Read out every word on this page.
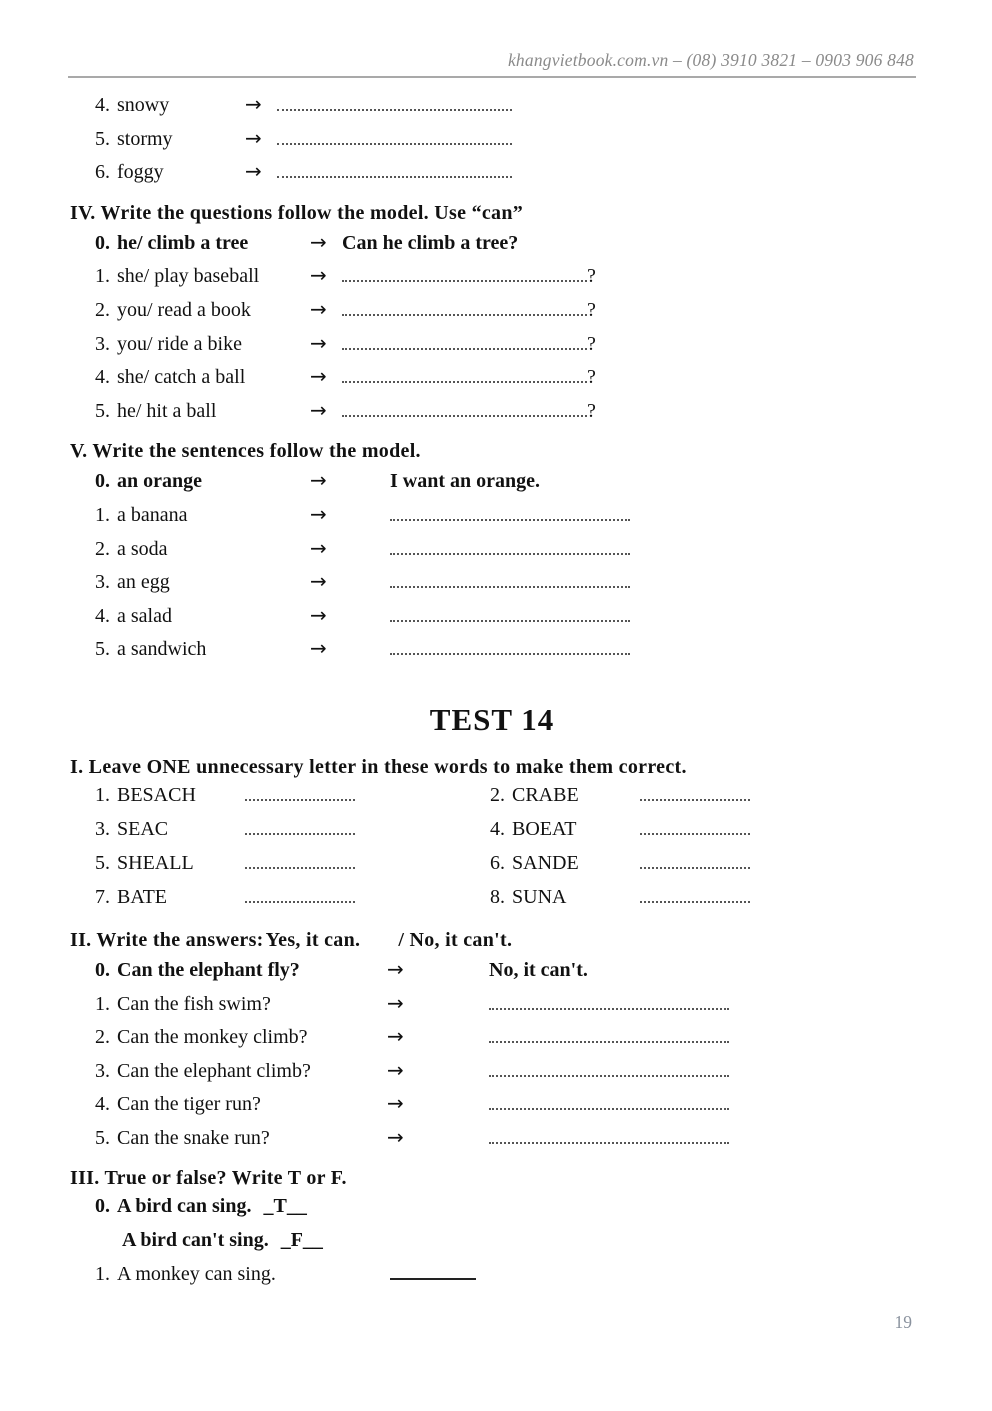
khangvietbook.com.vn – (08) 3910 3821 – 0903 906 848
4. snowy	→
5. stormy	→
6. foggy	→
IV. Write the questions follow the model. Use “can”
0. he/ climb a tree	→ Can he climb a tree?
1. she/ play baseball	→	?
2. you/ read a book	→	?
3. you/ ride a bike	→	?
4. she/ catch a ball	→	?
5. he/ hit a ball	→	?
V. Write the sentences follow the model.
0. an orange	→	I want an orange.
1. a banana	→
2. a soda	→
3. an egg	→
4. a salad	→
5. a sandwich	→
TEST 14
I. Leave ONE unnecessary letter in these words to make them correct.
1. BESACH	2. CRABE
3. SEAC	4. BOEAT
5. SHEALL	6. SANDE
7. BATE	8. SUNA
II. Write the answers: Yes, it can. / No, it can't.
0. Can the elephant fly?	→	No, it can't.
1. Can the fish swim?	→
2. Can the monkey climb?	→
3. Can the elephant climb?	→
4. Can the tiger run?	→
5. Can the snake run?	→
III. True or false? Write T or F.
0. A bird can sing. _T__
A bird can't sing. _F__
1. A monkey can sing.
19
